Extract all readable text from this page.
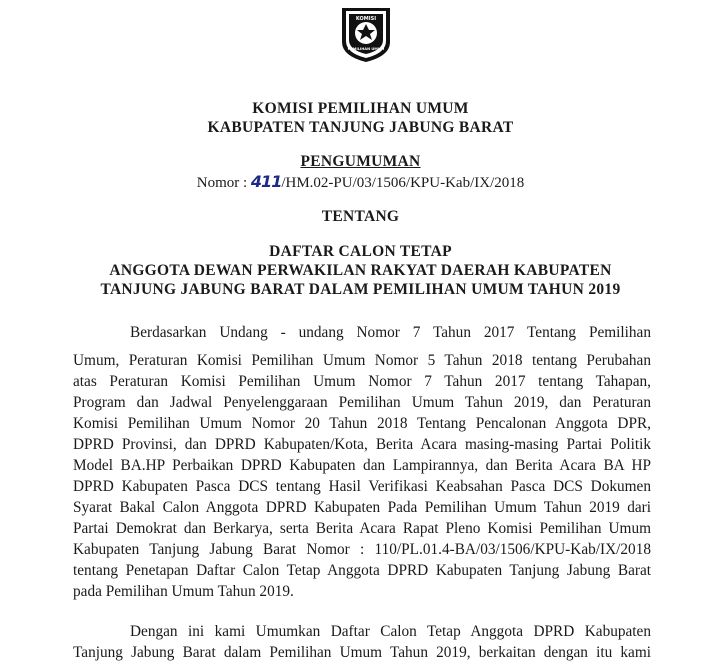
KOMISI
PEMILIHAN UMUM
KOMISI PEMILIHAN UMUM
KABUPATEN TANJUNG JABUNG BARAT
PENGUMUMAN
Nomor : 411/HM.02-PU/03/1506/KPU-Kab/IX/2018
TENTANG
DAFTAR CALON TETAP
ANGGOTA DEWAN PERWAKILAN RAKYAT DAERAH KABUPATEN
TANJUNG JABUNG BARAT DALAM PEMILIHAN UMUM TAHUN 2019
Berdasarkan Undang - undang Nomor 7 Tahun 2017 Tentang Pemilihan
Umum, Peraturan Komisi Pemilihan Umum Nomor 5 Tahun 2018 tentang Perubahan
atas Peraturan Komisi Pemilihan Umum Nomor 7 Tahun 2017 tentang Tahapan,
Program dan Jadwal Penyelenggaraan Pemilihan Umum Tahun 2019, dan Peraturan
Komisi Pemilihan Umum Nomor 20 Tahun 2018 Tentang Pencalonan Anggota DPR,
DPRD Provinsi, dan DPRD Kabupaten/Kota, Berita Acara masing-masing Partai Politik
Model BA.HP Perbaikan DPRD Kabupaten dan Lampirannya, dan Berita Acara BA HP
DPRD Kabupaten Pasca DCS tentang Hasil Verifikasi Keabsahan Pasca DCS Dokumen
Syarat Bakal Calon Anggota DPRD Kabupaten Pada Pemilihan Umum Tahun 2019 dari
Partai Demokrat dan Berkarya, serta Berita Acara Rapat Pleno Komisi Pemilihan Umum
Kabupaten Tanjung Jabung Barat Nomor : 110/PL.01.4-BA/03/1506/KPU-Kab/IX/2018
tentang Penetapan Daftar Calon Tetap Anggota DPRD Kabupaten Tanjung Jabung Barat
pada Pemilihan Umum Tahun 2019.
Dengan ini kami Umumkan Daftar Calon Tetap Anggota DPRD Kabupaten
Tanjung Jabung Barat dalam Pemilihan Umum Tahun 2019, berkaitan dengan itu kami
